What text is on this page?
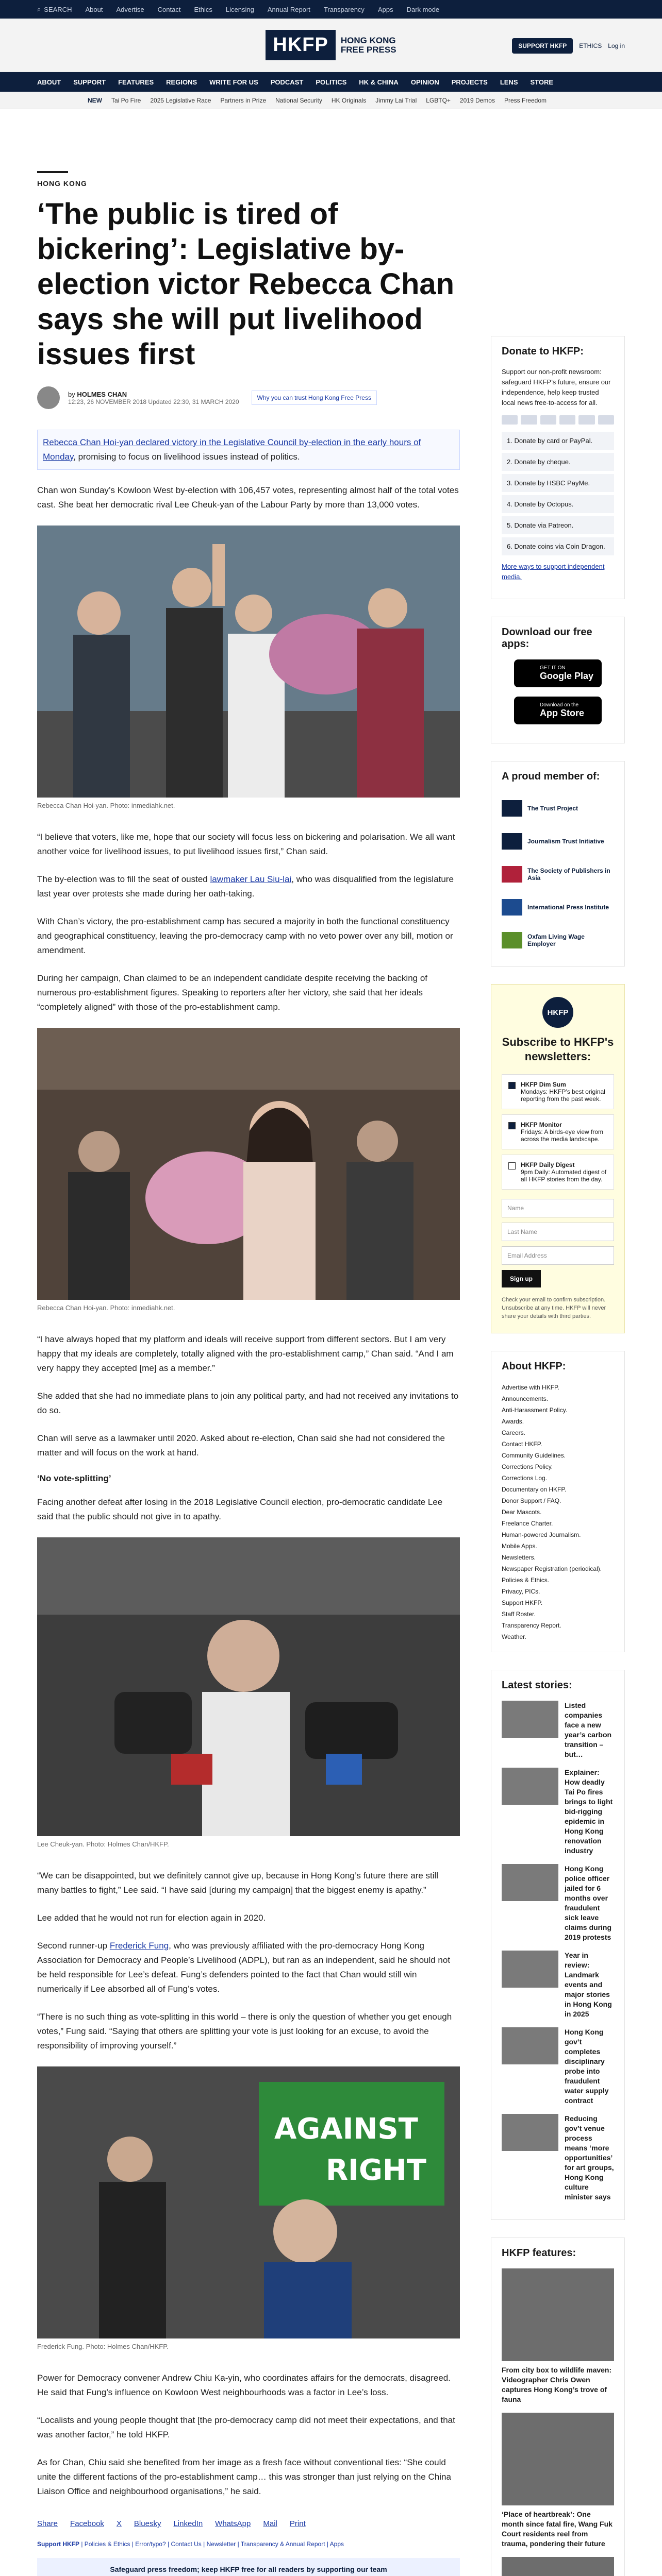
⌕ SEARCH About Advertise Contact Ethics Licensing Annual Report Transparency Apps Dark mode
HKFP	HONG KONG
FREE PRESS	SUPPORT HKFP	ETHICS Log in
ABOUT SUPPORT FEATURES REGIONS WRITE FOR US PODCAST POLITICS HK & CHINA OPINION PROJECTS LENS STORE
NEW Tai Po Fire 2025 Legislative Race Partners in Prize National Security HK Originals Jimmy Lai Trial LGBTQ+ 2019 Demos Press Freedom
HONG KONG
‘The public is tired of bickering’: Legislative by-election victor Rebecca Chan says she will put livelihood issues first
by HOLMES CHAN
12:23, 26 NOVEMBER 2018 Updated 22:30, 31 MARCH 2020
Why you can trust Hong Kong Free Press

Rebecca Chan Hoi-yan declared victory in the Legislative Council by-election in the early hours of Monday, promising to focus on livelihood issues instead of politics.

Chan won Sunday’s Kowloon West by-election with 106,457 votes, representing almost half of the total votes cast. She beat her democratic rival Lee Cheuk-yan of the Labour Party by more than 13,000 votes.

Rebecca Chan Hoi-yan. Photo: inmediahk.net.

“I believe that voters, like me, hope that our society will focus less on bickering and polarisation. We all want another voice for livelihood issues, to put livelihood issues first,” Chan said.

The by-election was to fill the seat of ousted lawmaker Lau Siu-lai, who was disqualified from the legislature last year over protests she made during her oath-taking.

With Chan’s victory, the pro-establishment camp has secured a majority in both the functional constituency and geographical constituency, leaving the pro-democracy camp with no veto power over any bill, motion or amendment.

During her campaign, Chan claimed to be an independent candidate despite receiving the backing of numerous pro-establishment figures. Speaking to reporters after her victory, she said that her ideals “completely aligned” with those of the pro-establishment camp.

Rebecca Chan Hoi-yan. Photo: inmediahk.net.

“I have always hoped that my platform and ideals will receive support from different sectors. But I am very happy that my ideals are completely, totally aligned with the pro-establishment camp,” Chan said. “And I am very happy they accepted [me] as a member.”

She added that she had no immediate plans to join any political party, and had not received any invitations to do so.

Chan will serve as a lawmaker until 2020. Asked about re-election, Chan said she had not considered the matter and will focus on the work at hand.

‘No vote-splitting’

Facing another defeat after losing in the 2018 Legislative Council election, pro-democratic candidate Lee said that the public should not give in to apathy.

Lee Cheuk-yan. Photo: Holmes Chan/HKFP.

“We can be disappointed, but we definitely cannot give up, because in Hong Kong’s future there are still many battles to fight,” Lee said. “I have said [during my campaign] that the biggest enemy is apathy.”

Lee added that he would not run for election again in 2020.

Second runner-up Frederick Fung, who was previously affiliated with the pro-democracy Hong Kong Association for Democracy and People’s Livelihood (ADPL), but ran as an independent, said he should not be held responsible for Lee’s defeat. Fung’s defenders pointed to the fact that Chan would still win numerically if Lee absorbed all of Fung’s votes.

“There is no such thing as vote-splitting in this world – there is only the question of whether you get enough votes,” Fung said. “Saying that others are splitting your vote is just looking for an excuse, to avoid the responsibility of improving yourself.”

AGAINST
RIGHT
Frederick Fung. Photo: Holmes Chan/HKFP.

Power for Democracy convener Andrew Chiu Ka-yin, who coordinates affairs for the democrats, disagreed. He said that Fung’s influence on Kowloon West neighbourhoods was a factor in Lee’s loss.

“Localists and young people thought that [the pro-democracy camp did not meet their expectations, and that was another factor,” he told HKFP.

As for Chan, Chiu said she benefited from her image as a fresh face without conventional ties: “She could unite the different factions of the pro-establishment camp… this was stronger than just relying on the China Liaison Office and neighbourhood organisations,” he said.

Share Facebook X Bluesky LinkedIn WhatsApp Mail Print
Support HKFP | Policies & Ethics | Error/typo? | Contact Us | Newsletter | Transparency & Annual Report | Apps
Safeguard press freedom; keep HKFP free for all readers by supporting our team
Donate to HKFP:

Support our non-profit newsroom: safeguard HKFP’s future, ensure our independence, help keep trusted local news free-to-access for all.

1. Donate by card or PayPal.
2. Donate by cheque.
3. Donate by HSBC PayMe.
4. Donate by Octopus.
5. Donate via Patreon.
6. Donate coins via Coin Dragon.

More ways to support independent media.

Download our free apps:
GET IT ON
Google Play
Download on the
App Store
A proud member of:
The Trust Project
Journalism Trust Initiative
The Society of Publishers in Asia
International Press Institute
Oxfam Living Wage Employer
HKFP
Subscribe to HKFP's newsletters:
HKFP Dim Sum
Mondays: HKFP’s best original reporting from the past week.
HKFP Monitor
Fridays: A birds-eye view from across the media landscape.
HKFP Daily Digest
9pm Daily: Automated digest of all HKFP stories from the day.
Name
Last Name
Email Address
Sign up
Check your email to confirm subscription. Unsubscribe at any time. HKFP will never share your details with third parties.
About HKFP:
Advertise with HKFP.
Announcements.
Anti-Harassment Policy.
Awards.
Careers.
Contact HKFP.
Community Guidelines.
Corrections Policy.
Corrections Log.
Documentary on HKFP.
Donor Support / FAQ.
Dear Mascots.
Freelance Charter.
Human-powered Journalism.
Mobile Apps.
Newsletters.
Newspaper Registration (periodical).
Policies & Ethics.
Privacy, PICs.
Support HKFP.
Staff Roster.
Transparency Report.
Weather.
Latest stories:
Listed companies face a new year’s carbon transition – but…
Explainer: How deadly Tai Po fires brings to light bid-rigging epidemic in Hong Kong renovation industry
Hong Kong police officer jailed for 6 months over fraudulent sick leave claims during 2019 protests
Year in review: Landmark events and major stories in Hong Kong in 2025
Hong Kong gov’t completes disciplinary probe into fraudulent water supply contract
Reducing gov’t venue process means ‘more opportunities’ for art groups, Hong Kong culture minister says
HKFP features:
From city box to wildlife maven: Videographer Chris Owen captures Hong Kong’s trove of fauna
‘Place of heartbreak’: One month since fatal fire, Wang Fuk Court residents reel from trauma, pondering their future
